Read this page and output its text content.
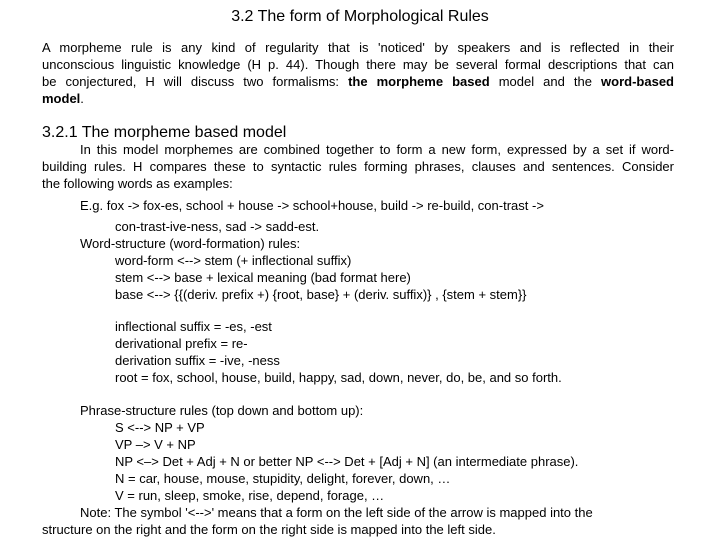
3.2 The form of Morphological Rules
A morpheme rule is any kind of regularity that is 'noticed' by speakers and is reflected in their
unconscious linguistic knowledge (H p. 44). Though there may be several formal descriptions that can
be conjectured, H will discuss two formalisms: the morpheme based model and the word-based
model.
3.2.1 The morpheme based model
In this model morphemes are combined together to form a new form, expressed by a set if word-
building rules. H compares these to syntactic rules forming phrases, clauses and sentences. Consider
the following words as examples:
E.g. fox -> fox-es, school + house -> school+house, build -> re-build, con-trast ->
con-trast-ive-ness, sad -> sadd-est.
Word-structure (word-formation) rules:
word-form <--> stem (+ inflectional suffix)
stem <--> base + lexical meaning (bad format here)
base <--> {{(deriv. prefix +) {root, base} + (deriv. suffix)} , {stem + stem}}
inflectional suffix = -es, -est
derivational prefix = re-
derivation suffix = -ive, -ness
root = fox, school, house, build, happy, sad, down, never, do, be, and so forth.
Phrase-structure rules (top down and bottom up):
S <--> NP + VP
VP –> V + NP
NP <–> Det + Adj + N or better NP <--> Det + [Adj + N] (an intermediate phrase).
N = car, house, mouse, stupidity, delight, forever, down, …
V = run, sleep, smoke, rise, depend, forage, …
Note: The symbol '<-->' means that a form on the left side of the arrow is mapped into the
structure on the right and the form on the right side is mapped into the left side.
